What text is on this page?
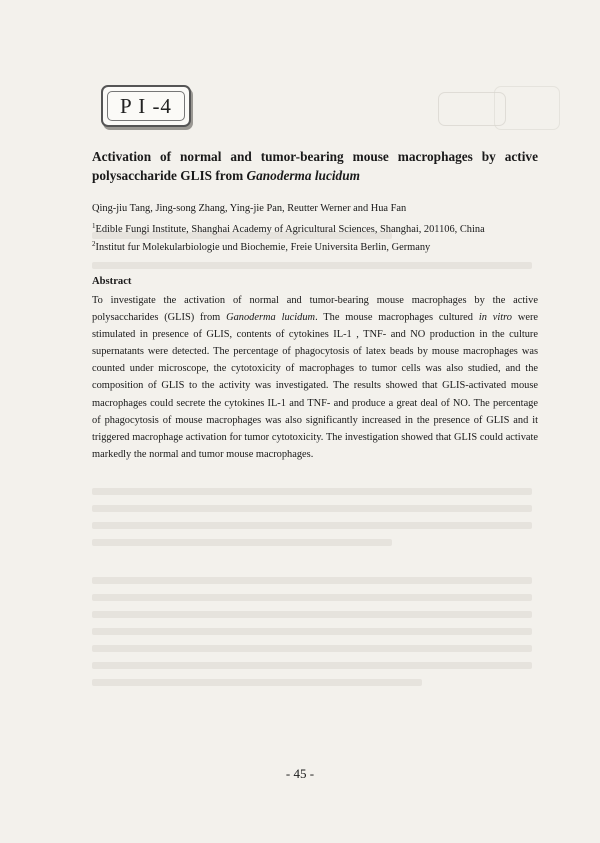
P I -4
Activation of normal and tumor-bearing mouse macrophages by active
polysaccharide GLIS from Ganoderma lucidum
Qing-jiu Tang, Jing-song Zhang, Ying-jie Pan, Reutter Werner and Hua Fan
$^1$Edible Fungi Institute, Shanghai Academy of Agricultural Sciences, Shanghai, 201106, China
$^2$Institut fur Molekularbiologie und Biochemie, Freie Universita Berlin, Germany
Abstract
To investigate the activation of normal and tumor-bearing mouse macrophages by the active polysaccharides (GLIS) from Ganoderma lucidum. The mouse macrophages cultured in vitro were stimulated in presence of GLIS, contents of cytokines IL-1 , TNF- and NO production in the culture supernatants were detected. The percentage of phagocytosis of latex beads by mouse macrophages was counted under microscope, the cytotoxicity of macrophages to tumor cells was also studied, and the composition of GLIS to the activity was investigated. The results showed that GLIS-activated mouse macrophages could secrete the cytokines IL-1 and TNF- and produce a great deal of NO. The percentage of phagocytosis of mouse macrophages was also significantly increased in the presence of GLIS and it triggered macrophage activation for tumor cytotoxicity. The investigation showed that GLIS could activate markedly the normal and tumor mouse macrophages.
- 45 -
